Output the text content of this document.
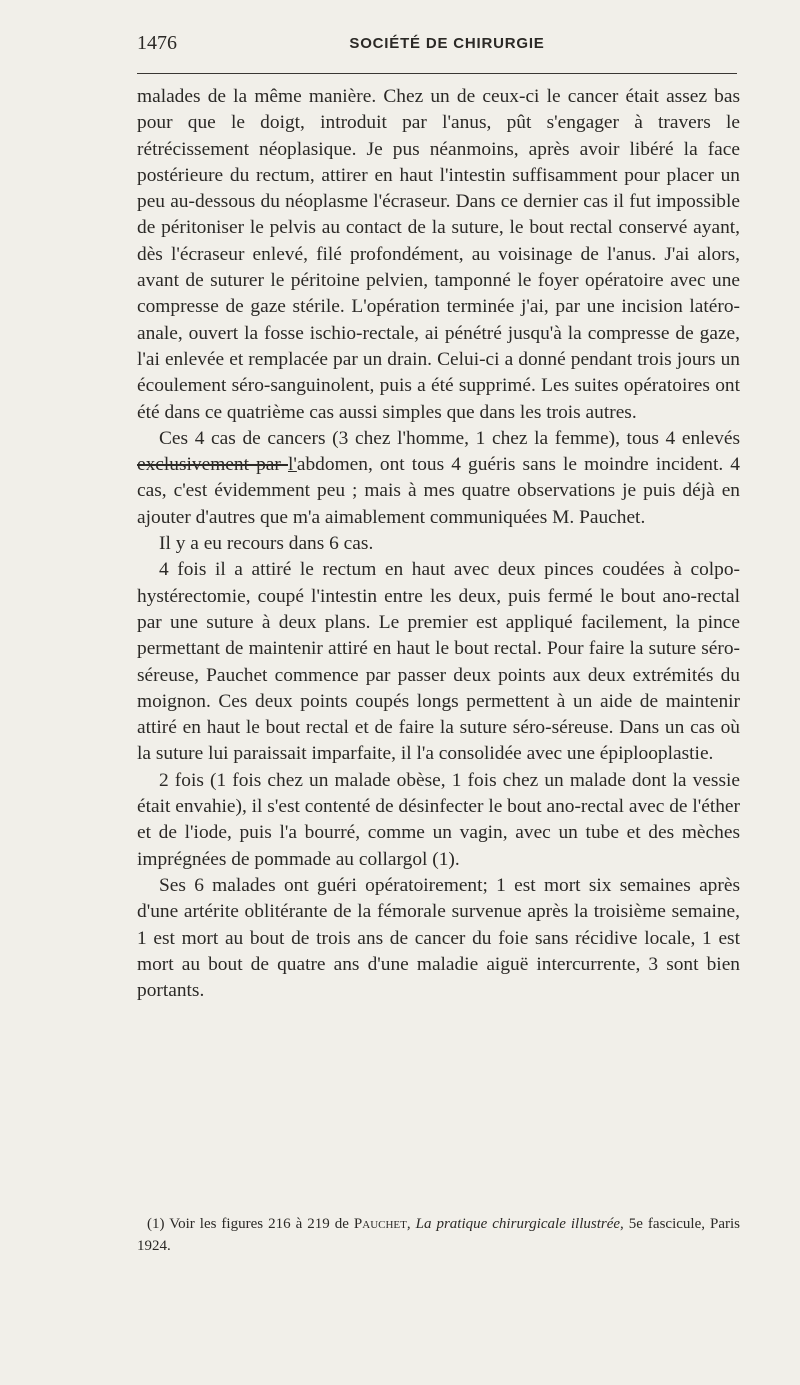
1476	SOCIÉTÉ DE CHIRURGIE

malades de la même manière. Chez un de ceux-ci le cancer était assez bas pour que le doigt, introduit par l'anus, pût s'engager à travers le rétrécissement néoplasique. Je pus néanmoins, après avoir libéré la face postérieure du rectum, attirer en haut l'intestin suffisamment pour placer un peu au-dessous du néoplasme l'écraseur. Dans ce dernier cas il fut impossible de péritoniser le pelvis au contact de la suture, le bout rectal conservé ayant, dès l'écraseur enlevé, filé profondément, au voisinage de l'anus. J'ai alors, avant de suturer le péritoine pelvien, tamponné le foyer opératoire avec une compresse de gaze stérile. L'opération terminée j'ai, par une incision latéro-anale, ouvert la fosse ischio-rectale, ai pénétré jusqu'à la compresse de gaze, l'ai enlevée et remplacée par un drain. Celui-ci a donné pendant trois jours un écoulement séro-sanguinolent, puis a été supprimé. Les suites opératoires ont été dans ce quatrième cas aussi simples que dans les trois autres.

Ces 4 cas de cancers (3 chez l'homme, 1 chez la femme), tous 4 enlevés exclusivement par l'abdomen, ont tous 4 guéris sans le moindre incident. 4 cas, c'est évidemment peu ; mais à mes quatre observations je puis déjà en ajouter d'autres que m'a aimablement communiquées M. Pauchet.

Il y a eu recours dans 6 cas.

4 fois il a attiré le rectum en haut avec deux pinces coudées à colpo-hystérectomie, coupé l'intestin entre les deux, puis fermé le bout ano-rectal par une suture à deux plans. Le premier est appliqué facilement, la pince permettant de maintenir attiré en haut le bout rectal. Pour faire la suture séro-séreuse, Pauchet commence par passer deux points aux deux extrémités du moignon. Ces deux points coupés longs permettent à un aide de maintenir attiré en haut le bout rectal et de faire la suture séro-séreuse. Dans un cas où la suture lui paraissait imparfaite, il l'a consolidée avec une épiplooplastie.

2 fois (1 fois chez un malade obèse, 1 fois chez un malade dont la vessie était envahie), il s'est contenté de désinfecter le bout ano-rectal avec de l'éther et de l'iode, puis l'a bourré, comme un vagin, avec un tube et des mèches imprégnées de pommade au collargol (1).

Ses 6 malades ont guéri opératoirement; 1 est mort six semaines après d'une artérite oblitérante de la fémorale survenue après la troisième semaine, 1 est mort au bout de trois ans de cancer du foie sans récidive locale, 1 est mort au bout de quatre ans d'une maladie aiguë intercurrente, 3 sont bien portants.

(1) Voir les figures 216 à 219 de Pauchet, La pratique chirurgicale illustrée, 5e fascicule, Paris 1924.
